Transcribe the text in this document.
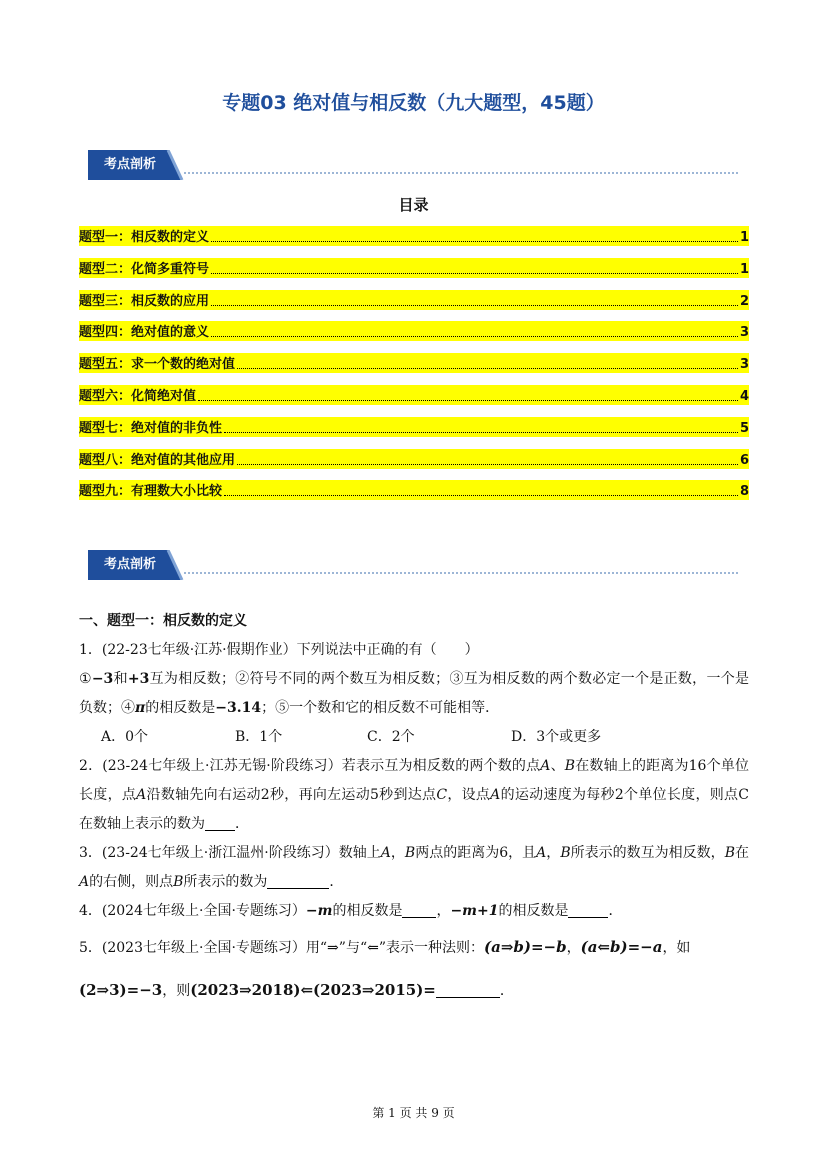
专题03 绝对值与相反数（九大题型，45题）
考点剖析
目录
题型一：相反数的定义	1
题型二：化简多重符号	1
题型三：相反数的应用	2
题型四：绝对值的意义	3
题型五：求一个数的绝对值	3
题型六：化简绝对值	4
题型七：绝对值的非负性	5
题型八：绝对值的其他应用	6
题型九：有理数大小比较	8
考点剖析
一、题型一：相反数的定义
1．(22-23七年级·江苏·假期作业）下列说法中正确的有（　　）
①−3和+3互为相反数；②符号不同的两个数互为相反数；③互为相反数的两个数必定一个是正数，一个是负数；④π的相反数是−3.14；⑤一个数和它的相反数不可能相等．
A．0个	B．1个	C．2个	D．3个或更多
2．(23-24七年级上·江苏无锡·阶段练习）若表示互为相反数的两个数的点A、B在数轴上的距离为16个单位长度，点A沿数轴先向右运动2秒，再向左运动5秒到达点C，设点A的运动速度为每秒2个单位长度，则点C在数轴上表示的数为 ．
3．(23-24七年级上·浙江温州·阶段练习）数轴上A，B两点的距离为6，且A，B所表示的数互为相反数，B在A的右侧，则点B所表示的数为	．
4．(2024七年级上·全国·专题练习）−m的相反数是 ，−m+1的相反数是	．
5．(2023七年级上·全国·专题练习）用“⇒”与“⇐”表示一种法则：(a⇒b)=−b，(a⇐b)=−a，如
(2⇒3)=−3，则(2023⇒2018)⇐(2023⇒2015)=	．
第 1 页 共 9 页
